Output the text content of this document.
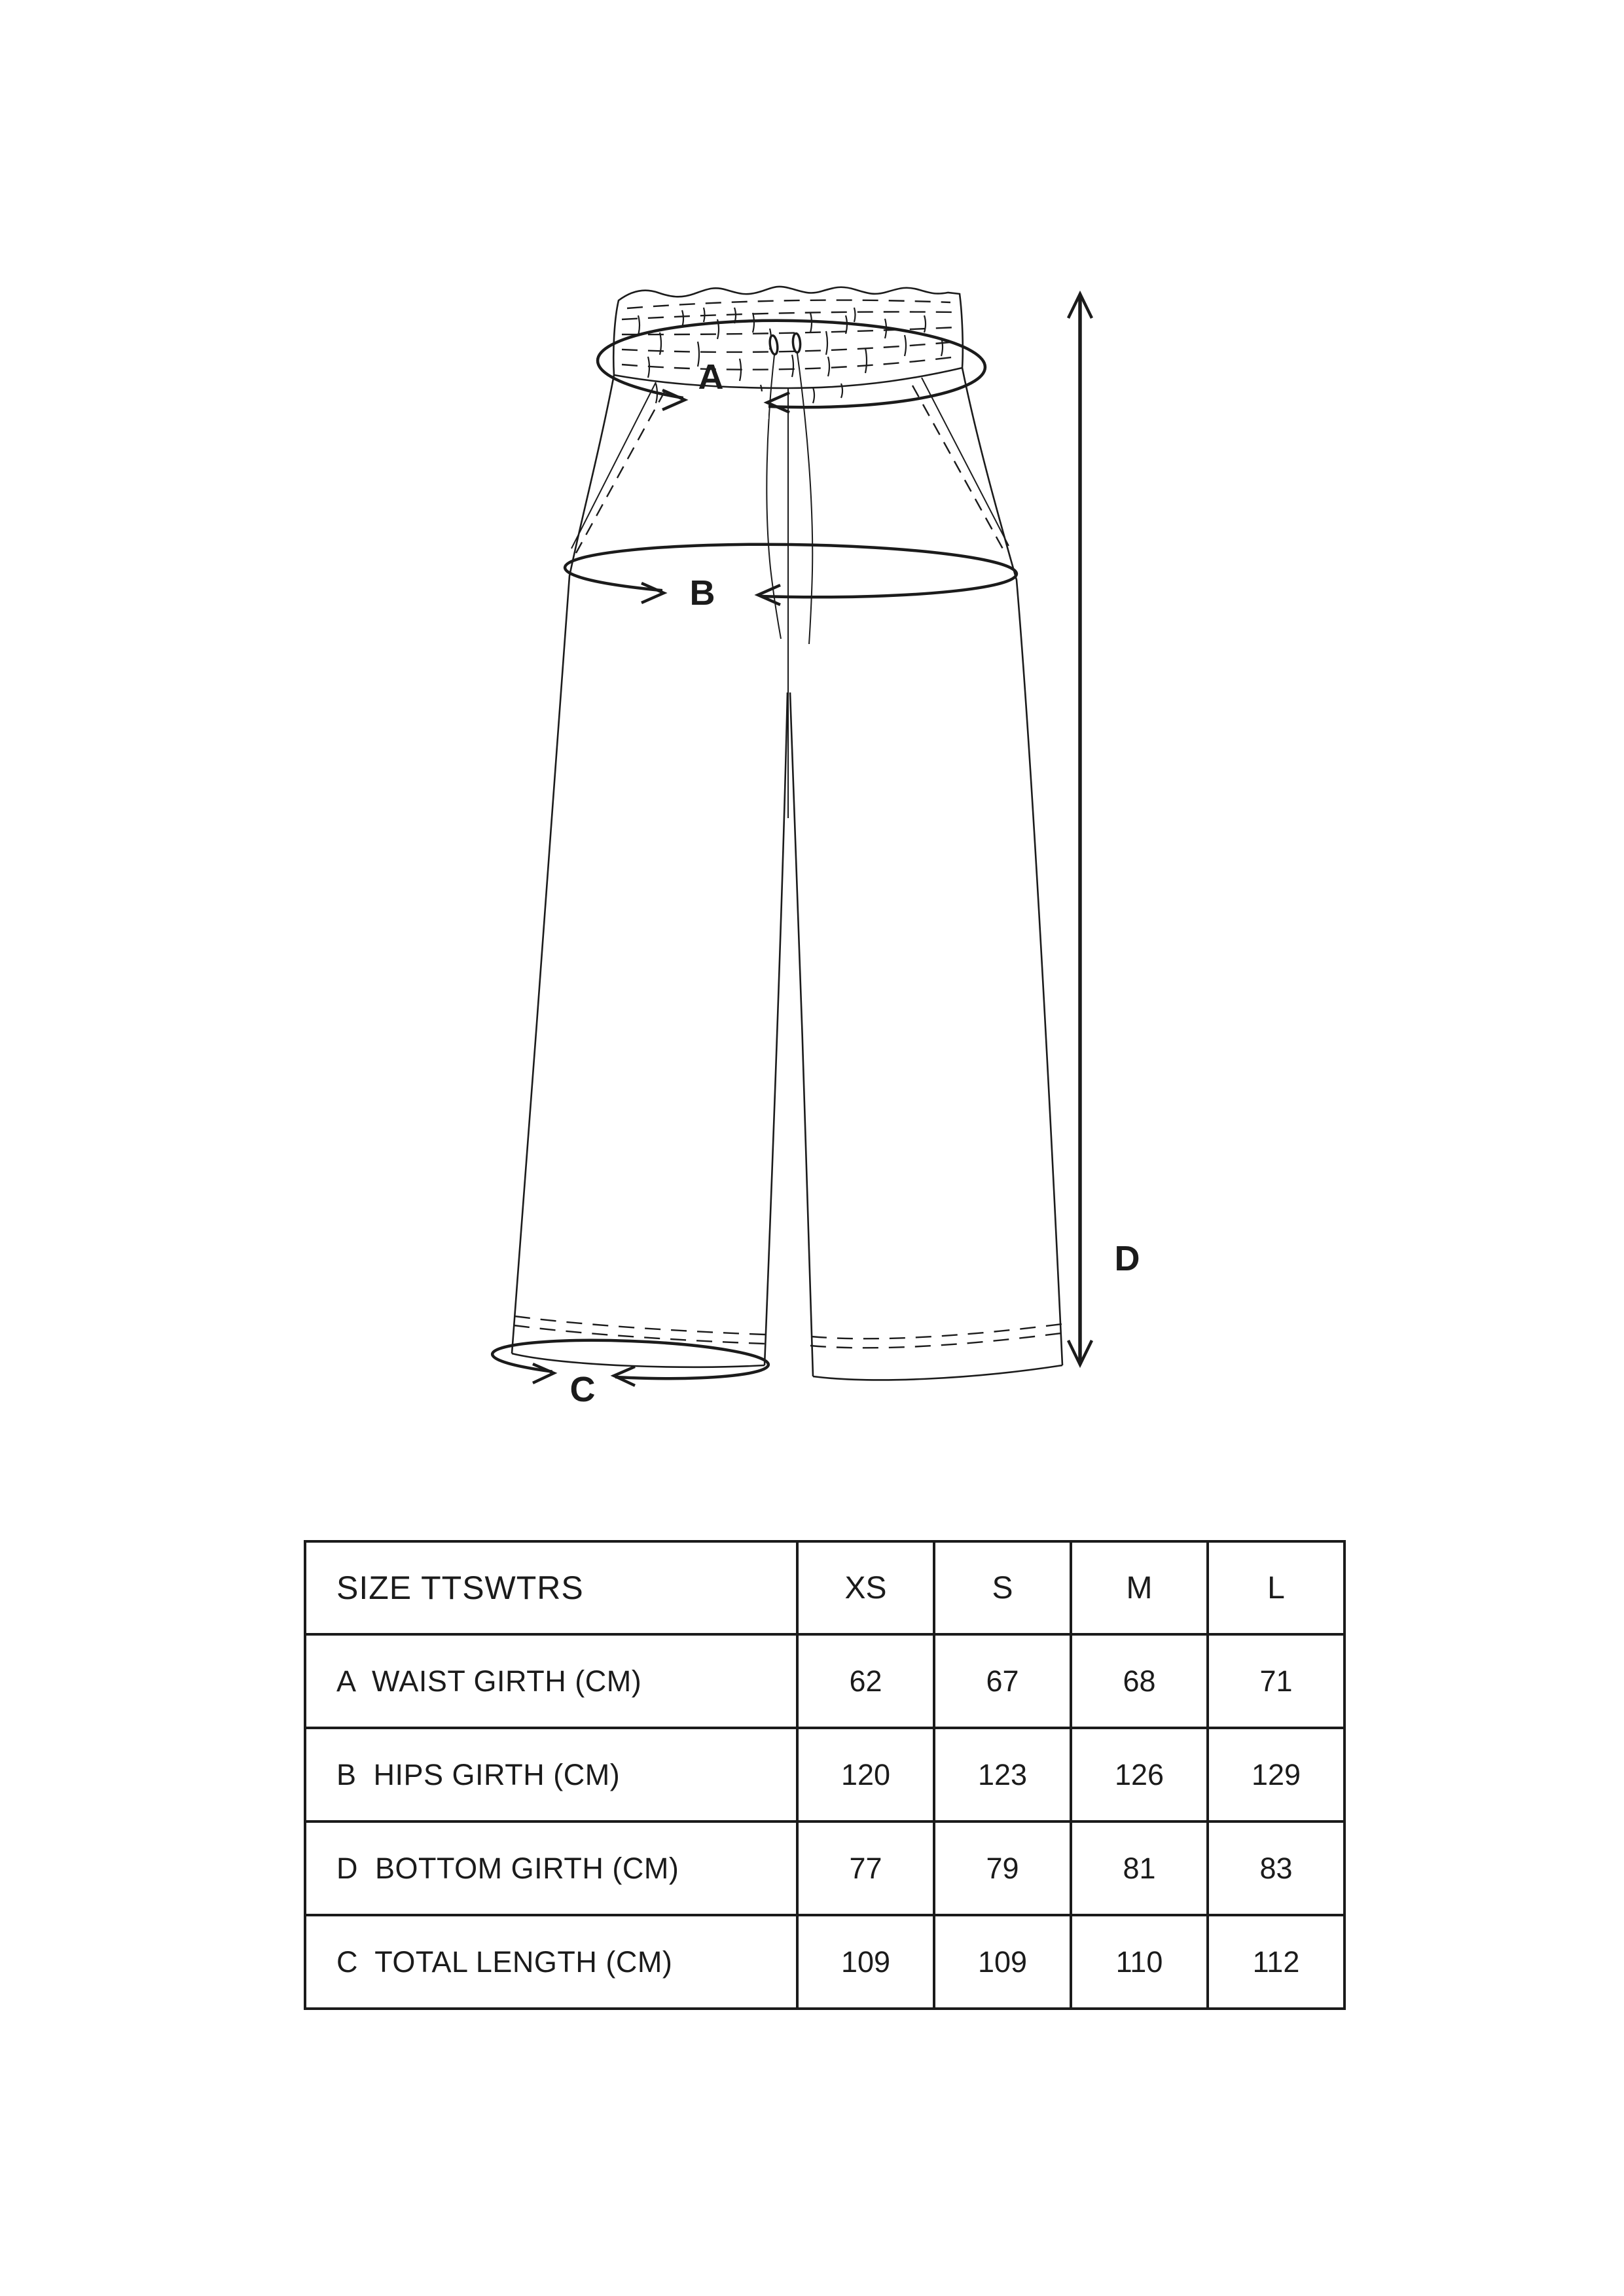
A
B
C
D
SIZE TTSWTRS	XS	S	M	L
A  WAIST GIRTH (CM)	62	67	68	71
B  HIPS GIRTH (CM)	120	123	126	129
D  BOTTOM GIRTH (CM)	77	79	81	83
C  TOTAL LENGTH (CM)	109	109	110	112
